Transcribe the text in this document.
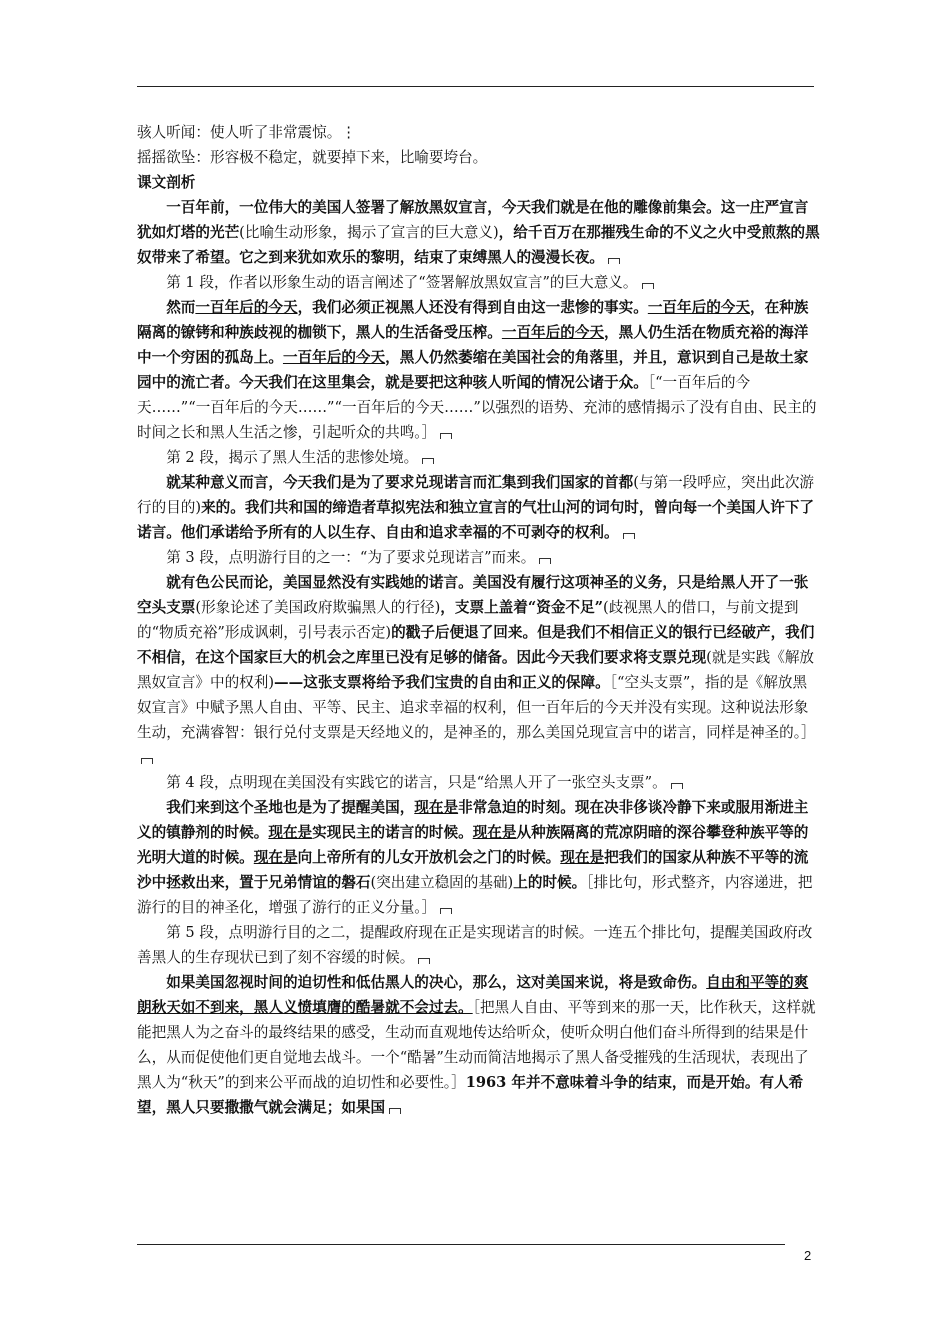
骇人听闻：使人听了非常震惊。⋮

摇摇欲坠：形容极不稳定，就要掉下来，比喻要垮台。

课文剖析

一百年前，一位伟大的美国人签署了解放黑奴宣言，今天我们就是在他的雕像前集会。这一庄严宣言犹如灯塔的光芒(比喻生动形象，揭示了宣言的巨大意义)，给千百万在那摧残生命的不义之火中受煎熬的黑奴带来了希望。它之到来犹如欢乐的黎明，结束了束缚黑人的漫漫长夜。

第 1 段，作者以形象生动的语言阐述了“签署解放黑奴宣言”的巨大意义。

然而一百年后的今天，我们必须正视黑人还没有得到自由这一悲惨的事实。一百年后的今天，在种族隔离的镣铐和种族歧视的枷锁下，黑人的生活备受压榨。一百年后的今天，黑人仍生活在物质充裕的海洋中一个穷困的孤岛上。一百年后的今天，黑人仍然萎缩在美国社会的角落里，并且，意识到自己是故土家园中的流亡者。今天我们在这里集会，就是要把这种骇人听闻的情况公诸于众。［“一百年后的今天……”“一百年后的今天……”“一百年后的今天……”以强烈的语势、充沛的感情揭示了没有自由、民主的时间之长和黑人生活之惨，引起听众的共鸣。］

第 2 段，揭示了黑人生活的悲惨处境。

就某种意义而言，今天我们是为了要求兑现诺言而汇集到我们国家的首都(与第一段呼应，突出此次游行的目的)来的。我们共和国的缔造者草拟宪法和独立宣言的气壮山河的词句时，曾向每一个美国人许下了诺言。他们承诺给予所有的人以生存、自由和追求幸福的不可剥夺的权利。

第 3 段，点明游行目的之一：“为了要求兑现诺言”而来。

就有色公民而论，美国显然没有实践她的诺言。美国没有履行这项神圣的义务，只是给黑人开了一张空头支票(形象论述了美国政府欺骗黑人的行径)，支票上盖着“资金不足”(歧视黑人的借口，与前文提到的“物质充裕”形成讽刺，引号表示否定)的戳子后便退了回来。但是我们不相信正义的银行已经破产，我们不相信，在这个国家巨大的机会之库里已没有足够的储备。因此今天我们要求将支票兑现(就是实践《解放黑奴宣言》中的权利)——这张支票将给予我们宝贵的自由和正义的保障。［“空头支票”，指的是《解放黑奴宣言》中赋予黑人自由、平等、民主、追求幸福的权利，但一百年后的今天并没有实现。这种说法形象生动，充满睿智：银行兑付支票是天经地义的，是神圣的，那么美国兑现宣言中的诺言，同样是神圣的。］

第 4 段，点明现在美国没有实践它的诺言，只是“给黑人开了一张空头支票”。

我们来到这个圣地也是为了提醒美国，现在是非常急迫的时刻。现在决非侈谈冷静下来或服用渐进主义的镇静剂的时候。现在是实现民主的诺言的时候。现在是从种族隔离的荒凉阴暗的深谷攀登种族平等的光明大道的时候。现在是向上帝所有的儿女开放机会之门的时候。现在是把我们的国家从种族不平等的流沙中拯救出来，置于兄弟情谊的磐石(突出建立稳固的基础)上的时候。［排比句，形式整齐，内容递进，把游行的目的神圣化，增强了游行的正义分量。］

第 5 段，点明游行目的之二，提醒政府现在正是实现诺言的时候。一连五个排比句，提醒美国政府改善黑人的生存现状已到了刻不容缓的时候。

如果美国忽视时间的迫切性和低估黑人的决心，那么，这对美国来说，将是致命伤。自由和平等的爽朗秋天如不到来，黑人义愤填膺的酷暑就不会过去。［把黑人自由、平等到来的那一天，比作秋天，这样就能把黑人为之奋斗的最终结果的感受，生动而直观地传达给听众，使听众明白他们奋斗所得到的结果是什么，从而促使他们更自觉地去战斗。一个“酷暑”生动而简洁地揭示了黑人备受摧残的生活现状，表现出了黑人为“秋天”的到来公平而战的迫切性和必要性。］1963 年并不意味着斗争的结束，而是开始。有人希望，黑人只要撒撒气就会满足；如果国

2
